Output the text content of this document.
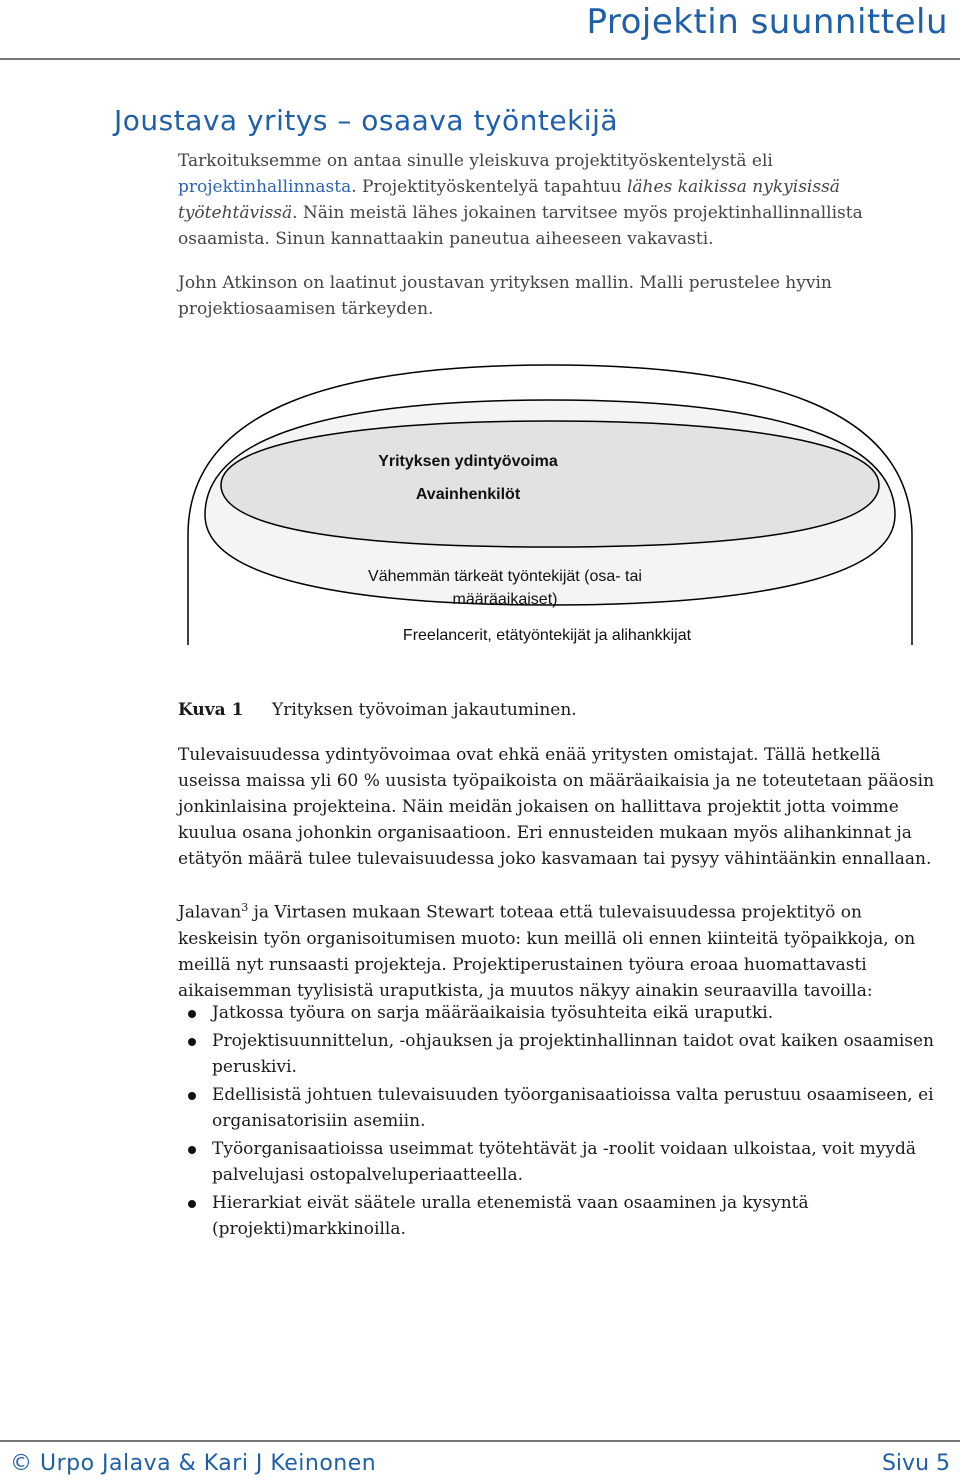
Projektin suunnittelu
Joustava yritys – osaava työntekijä

Tarkoituksemme on antaa sinulle yleiskuva projektityöskentelystä eli projektinhallinnasta. Projektityöskentelyä tapahtuu lähes kaikissa nykyisissä työtehtävissä. Näin meistä lähes jokainen tarvitsee myös projektinhallinnallista osaamista. Sinun kannattaakin paneutua aiheeseen vakavasti.

John Atkinson on laatinut joustavan yrityksen mallin. Malli perustelee hyvin projektiosaamisen tärkeyden.

Yrityksen ydintyövoima
Avainhenkilöt
Vähemmän tärkeät työntekijät (osa- tai
määräaikaiset)
Freelancerit, etätyöntekijät ja alihankkijat
Kuva 1 Yrityksen työvoiman jakautuminen.
Tulevaisuudessa ydintyövoimaa ovat ehkä enää yritysten omistajat. Tällä hetkellä useissa maissa yli 60 % uusista työpaikoista on määräaikaisia ja ne toteutetaan pääosin jonkinlaisina projekteina. Näin meidän jokaisen on hallittava projektit jotta voimme kuulua osana johonkin organisaatioon. Eri ennusteiden mukaan myös alihankinnat ja etätyön määrä tulee tulevaisuudessa joko kasvamaan tai pysyy vähintäänkin ennallaan.
Jalavan$^3$ ja Virtasen mukaan Stewart toteaa että tulevaisuudessa projektityö on keskeisin työn organisoitumisen muoto: kun meillä oli ennen kiinteitä työpaikkoja, on meillä nyt runsaasti projekteja. Projektiperustainen työura eroaa huomattavasti aikaisemman tyylisistä uraputkista, ja muutos näkyy ainakin seuraavilla tavoilla:
Jatkossa työura on sarja määräaikaisia työsuhteita eikä uraputki.
Projektisuunnittelun, -ohjauksen ja projektinhallinnan taidot ovat kaiken osaamisen peruskivi.
Edellisistä johtuen tulevaisuuden työorganisaatioissa valta perustuu osaamiseen, ei organisatorisiin asemiin.
Työorganisaatioissa useimmat työtehtävät ja -roolit voidaan ulkoistaa, voit myydä palvelujasi ostopalveluperiaatteella.
Hierarkiat eivät säätele uralla etenemistä vaan osaaminen ja kysyntä (projekti)markkinoilla.
© Urpo Jalava & Kari J Keinonen	Sivu 5
